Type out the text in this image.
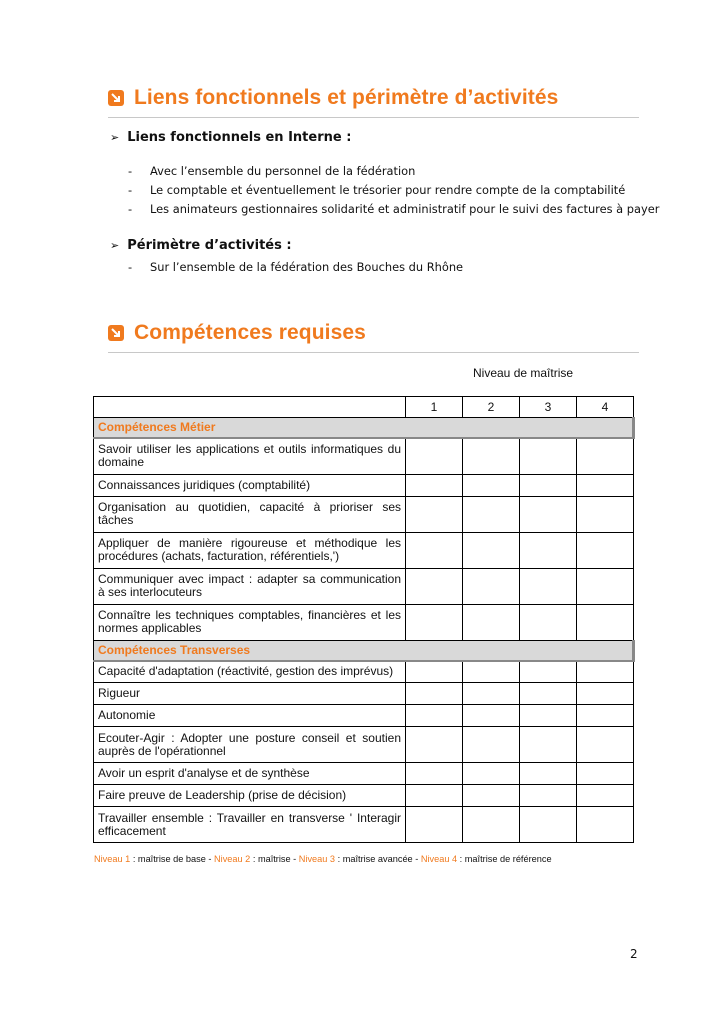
Liens fonctionnels et périmètre d’activités
➢ Liens fonctionnels en Interne :
-	Avec l’ensemble du personnel de la fédération
-	Le comptable et éventuellement le trésorier pour rendre compte de la comptabilité
-	Les animateurs gestionnaires solidarité et administratif pour le suivi des factures à payer
➢ Périmètre d’activités :
-	Sur l’ensemble de la fédération des Bouches du Rhône
Compétences requises
Niveau de maîtrise
	1	2	3	4
Compétences Métier				
Savoir utiliser les applications et outils informatiques du domaine				
Connaissances juridiques (comptabilité)				
Organisation au quotidien, capacité à prioriser ses tâches				
Appliquer de manière rigoureuse et méthodique les procédures (achats, facturation, référentiels,')				
Communiquer avec impact : adapter sa communication à ses interlocuteurs				
Connaître les techniques comptables, financières et les normes applicables				
Compétences Transverses				
Capacité d'adaptation (réactivité, gestion des imprévus)				
Rigueur				
Autonomie				
Ecouter-Agir : Adopter une posture conseil et soutien auprès de l'opérationnel				
Avoir un esprit d'analyse et de synthèse				
Faire preuve de Leadership (prise de décision)				
Travailler ensemble : Travailler en transverse ' Interagir efficacement				
Niveau 1 : maîtrise de base - Niveau 2 : maîtrise - Niveau 3 : maîtrise avancée - Niveau 4 : maîtrise de référence
2
